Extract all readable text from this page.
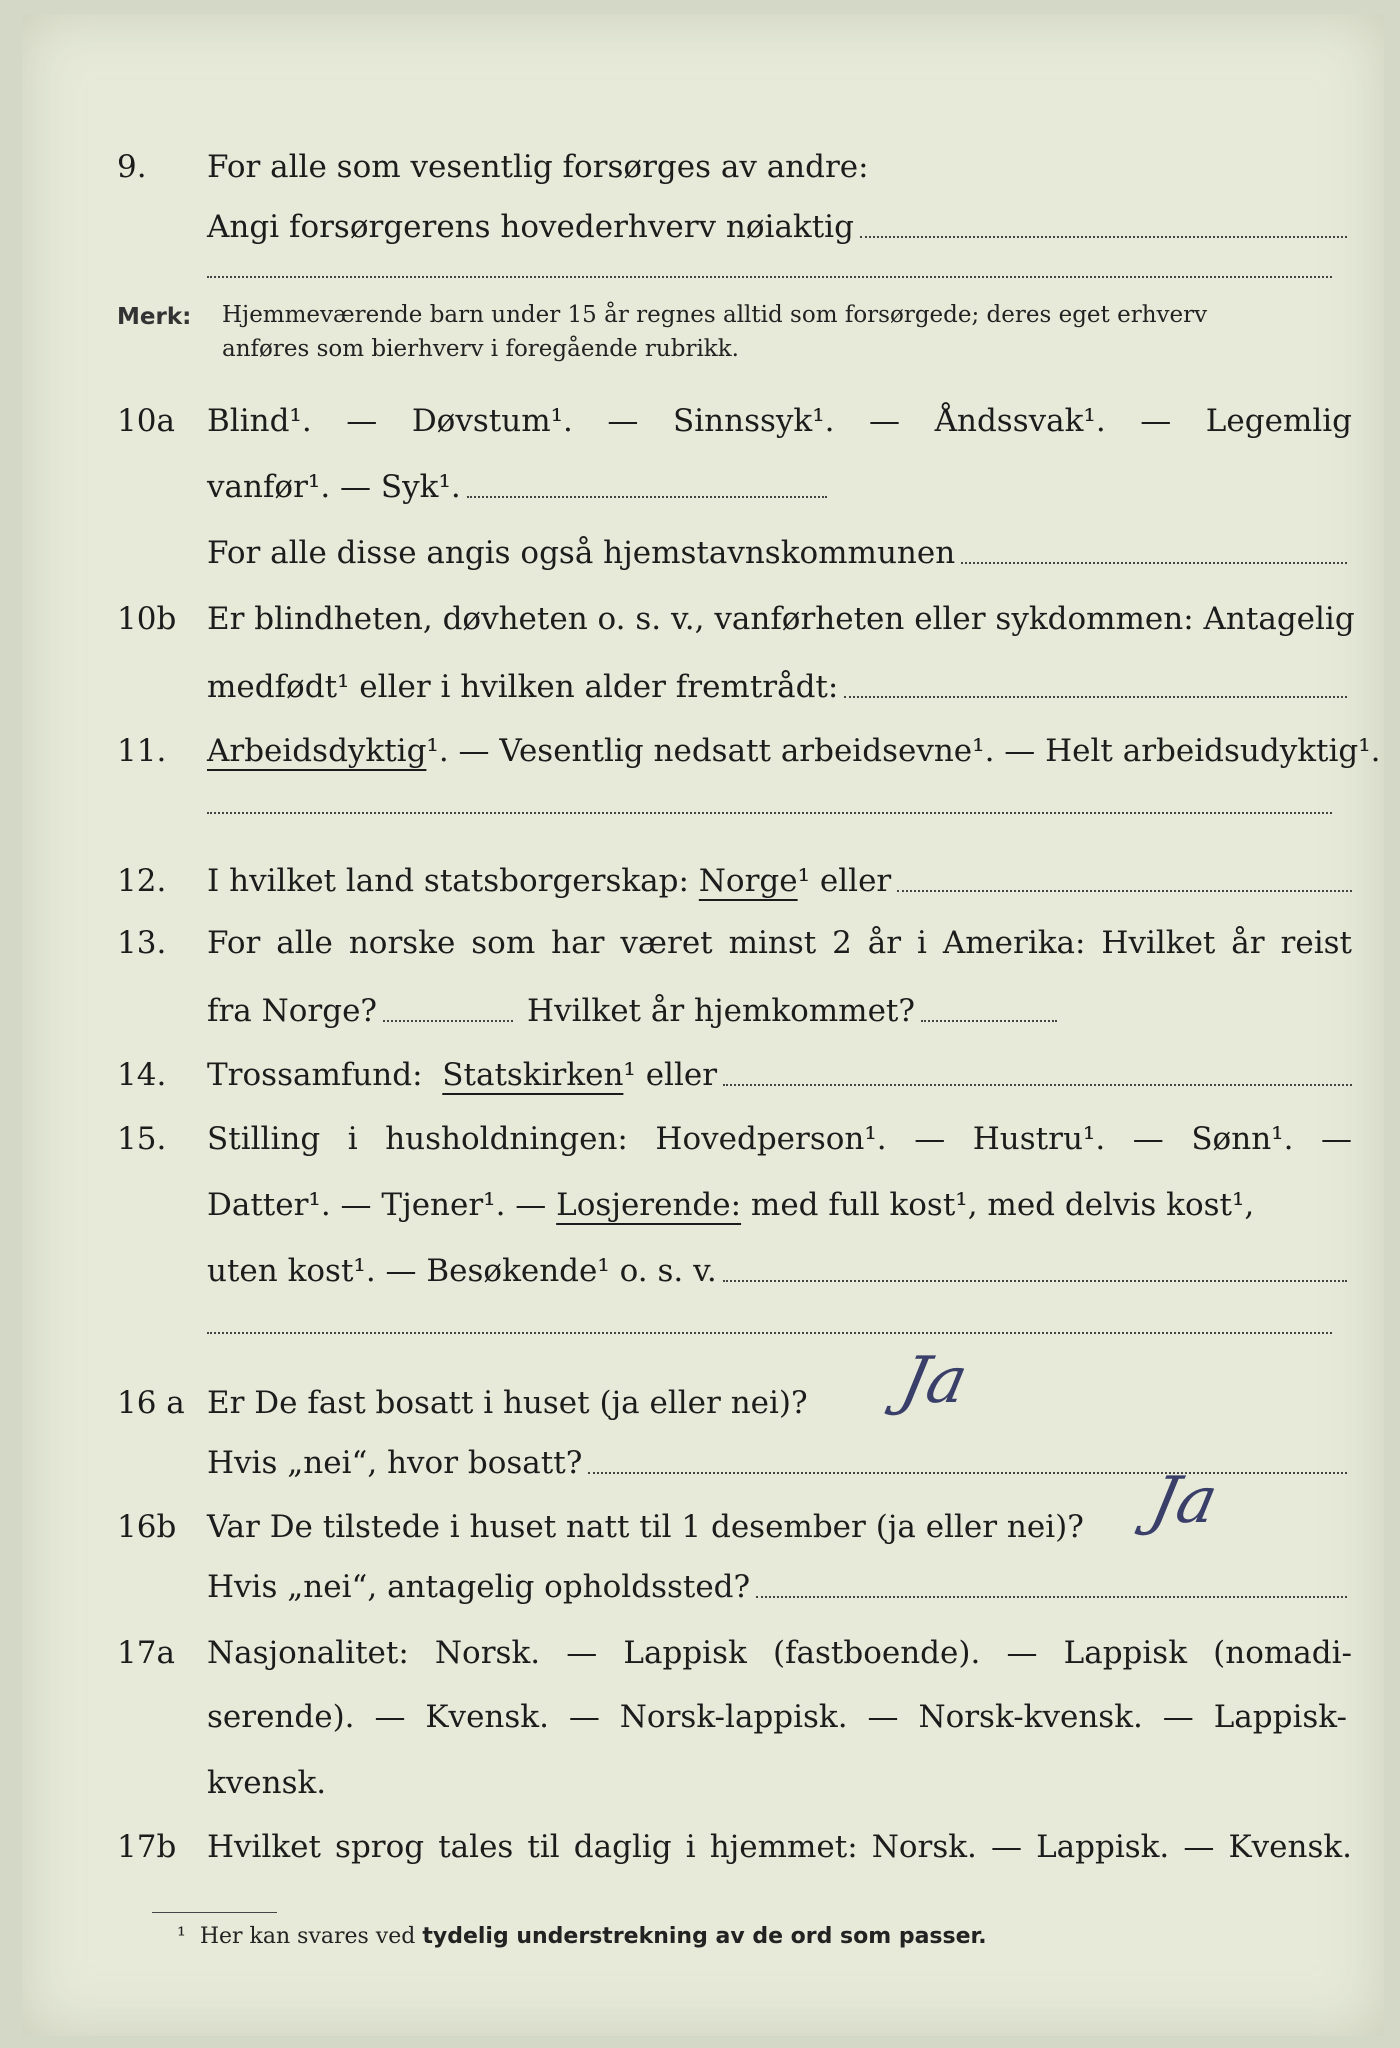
9.	For alle som vesentlig forsørges av andre:
Angi forsørgerens hovederhverv nøiaktig
Merk: Hjemmeværende barn under 15 år regnes alltid som forsørgede; deres eget erhverv
anføres som bierhverv i foregående rubrikk.
10a	Blind¹. — Døvstum¹. — Sinnssyk¹. — Åndssvak¹. — Legemlig
vanfør¹. — Syk¹.
For alle disse angis også hjemstavnskommunen
10b Er blindheten, døvheten o. s. v., vanførheten eller sykdommen: Antagelig
medfødt¹ eller i hvilken alder fremtrådt:
11.	Arbeidsdyktig ¹. — Vesentlig nedsatt arbeidsevne¹. — Helt arbeidsudyktig¹.
12.	I hvilket land statsborgerskap:
Norge ¹ eller
13.	For alle norske som har været minst 2 år i Amerika: Hvilket år reist
fra Norge?	Hvilket år hjemkommet?
14.	Trossamfund:
Statskirken ¹ eller
15.	Stilling i husholdningen: Hovedperson¹. — Hustru¹. — Sønn¹. —
Datter¹. — Tjener¹. —
Losjerende:
med full kost¹, med delvis kost¹,
uten kost¹. — Besøkende¹ o. s. v.
16 a Er De fast bosatt i huset (ja eller nei)? Ja
Hvis „nei“, hvor bosatt?
16b Var De tilstede i huset natt til 1 desember (ja eller nei)? Ja
Hvis „nei“, antagelig opholdssted?
17a	Nasjonalitet: Norsk. — Lappisk (fastboende). — Lappisk (nomadi-
serende). — Kvensk. — Norsk-lappisk. — Norsk-kvensk. — Lappisk-
kvensk.
17b Hvilket sprog tales til daglig i hjemmet: Norsk. — Lappisk. — Kvensk.
¹ Her kan svares ved tydelig understrekning av de ord som passer.
